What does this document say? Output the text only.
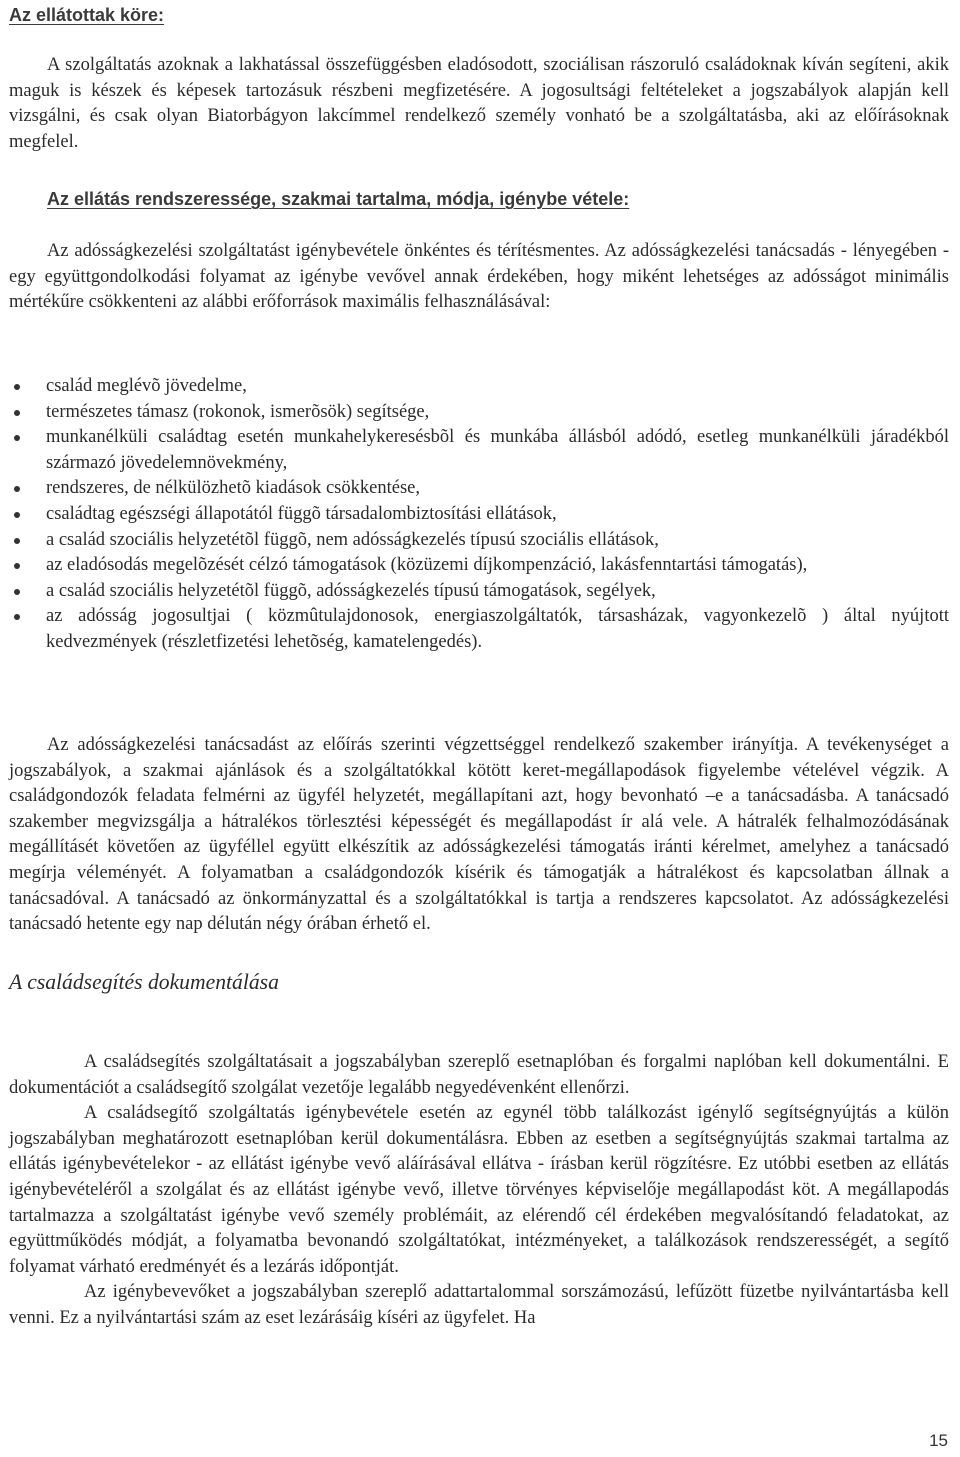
Az ellátottak köre:

A szolgáltatás azoknak a lakhatással összefüggésben eladósodott, szociálisan rászoruló családoknak kíván segíteni, akik maguk is készek és képesek tartozásuk részbeni megfizetésére. A jogosultsági feltételeket a jogszabályok alapján kell vizsgálni, és csak olyan Biatorbágyon lakcímmel rendelkező személy vonható be a szolgáltatásba, aki az előírásoknak megfelel.

Az ellátás rendszeressége, szakmai tartalma, módja, igénybe vétele:

Az adósságkezelési szolgáltatást igénybevétele önkéntes és térítésmentes. Az adósságkezelési tanácsadás - lényegében - egy együttgondolkodási folyamat az igénybe vevővel annak érdekében, hogy miként lehetséges az adósságot minimális mértékűre csökkenteni az alábbi erőforrások maximális felhasználásával:

család meglévõ jövedelme,
természetes támasz (rokonok, ismerõsök) segítsége,
munkanélküli családtag esetén munkahelykeresésbõl és munkába állásból adódó, esetleg munkanélküli járadékból származó jövedelemnövekmény,
rendszeres, de nélkülözhetõ kiadások csökkentése,
családtag egészségi állapotától függõ társadalombiztosítási ellátások,
a család szociális helyzetétõl függõ, nem adósságkezelés típusú szociális ellátások,
az eladósodás megelõzését célzó támogatások (közüzemi díjkompenzáció, lakásfenntartási támogatás),
a család szociális helyzetétõl függõ, adósságkezelés típusú támogatások, segélyek,
az adósság jogosultjai ( közmûtulajdonosok, energiaszolgáltatók, társasházak, vagyonkezelõ ) által nyújtott kedvezmények (részletfizetési lehetõség, kamatelengedés).

Az adósságkezelési tanácsadást az előírás szerinti végzettséggel rendelkező szakember irányítja. A tevékenységet a jogszabályok, a szakmai ajánlások és a szolgáltatókkal kötött keret-megállapodások figyelembe vételével végzik. A családgondozók feladata felmérni az ügyfél helyzetét, megállapítani azt, hogy bevonható –e a tanácsadásba. A tanácsadó szakember megvizsgálja a hátralékos törlesztési képességét és megállapodást ír alá vele. A hátralék felhalmozódásának megállításét követően az ügyféllel együtt elkészítik az adósságkezelési támogatás iránti kérelmet, amelyhez a tanácsadó megírja véleményét. A folyamatban a családgondozók kísérik és támogatják a hátralékost és kapcsolatban állnak a tanácsadóval. A tanácsadó az önkormányzattal és a szolgáltatókkal is tartja a rendszeres kapcsolatot. Az adósságkezelési tanácsadó hetente egy nap délután négy órában érhető el.

A családsegítés dokumentálása

A családsegítés szolgáltatásait a jogszabályban szereplő esetnaplóban és forgalmi naplóban kell dokumentálni. E dokumentációt a családsegítő szolgálat vezetője legalább negyedévenként ellenőrzi.

A családsegítő szolgáltatás igénybevétele esetén az egynél több találkozást igénylő segítségnyújtás a külön jogszabályban meghatározott esetnaplóban kerül dokumentálásra. Ebben az esetben a segítségnyújtás szakmai tartalma az ellátás igénybevételekor - az ellátást igénybe vevő aláírásával ellátva - írásban kerül rögzítésre. Ez utóbbi esetben az ellátás igénybevételéről a szolgálat és az ellátást igénybe vevő, illetve törvényes képviselője megállapodást köt. A megállapodás tartalmazza a szolgáltatást igénybe vevő személy problémáit, az elérendő cél érdekében megvalósítandó feladatokat, az együttműködés módját, a folyamatba bevonandó szolgáltatókat, intézményeket, a találkozások rendszerességét, a segítő folyamat várható eredményét és a lezárás időpontját.

Az igénybevevőket a jogszabályban szereplő adattartalommal sorszámozású, lefűzött füzetbe nyilvántartásba kell venni. Ez a nyilvántartási szám az eset lezárásáig kíséri az ügyfelet. Ha

15
